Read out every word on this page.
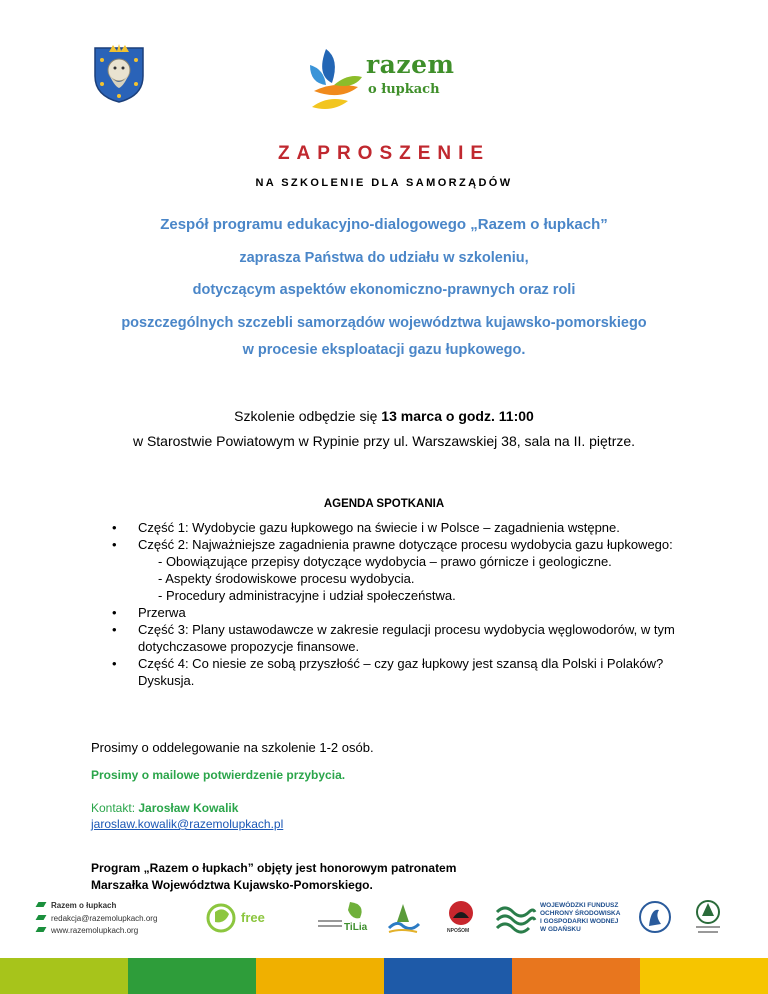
razem
o łupkach
ZAPROSZENIE
NA SZKOLENIE DLA SAMORZĄDÓW
Zespół programu edukacyjno-dialogowego „Razem o łupkach”
zaprasza Państwa do udziału w szkoleniu,
dotyczącym aspektów ekonomiczno-prawnych oraz roli
poszczególnych szczebli samorządów województwa kujawsko-pomorskiego
w procesie eksploatacji gazu łupkowego.
Szkolenie odbędzie się 13 marca o godz. 11:00
w Starostwie Powiatowym w Rypinie przy ul. Warszawskiej 38, sala na II. piętrze.
AGENDA SPOTKANIA
• Część 1: Wydobycie gazu łupkowego na świecie i w Polsce – zagadnienia wstępne.
• Część 2: Najważniejsze zagadnienia prawne dotyczące procesu wydobycia gazu łupkowego:
- Obowiązujące przepisy dotyczące wydobycia – prawo górnicze i geologiczne.
- Aspekty środowiskowe procesu wydobycia.
- Procedury administracyjne i udział społeczeństwa.
• Przerwa
• Część 3: Plany ustawodawcze w zakresie regulacji procesu wydobycia węglowodorów, w tym
dotychczasowe propozycje finansowe.
• Część 4: Co niesie ze sobą przyszłość – czy gaz łupkowy jest szansą dla Polski i Polaków?
Dyskusja.
Prosimy o oddelegowanie na szkolenie 1-2 osób.
Prosimy o mailowe potwierdzenie przybycia.
Kontakt: Jarosław Kowalik
jaroslaw.kowalik@razemolupkach.pl
Program „Razem o łupkach” objęty jest honorowym patronatem
Marszałka Województwa Kujawsko-Pomorskiego.
Razem o łupkach
redakcja@razemolupkach.org
www.razemolupkach.org
free
TiLia	NPOŚOM
WOJEWÓDZKI FUNDUSZ
OCHRONY ŚRODOWISKA
I GOSPODARKI WODNEJ
W GDAŃSKU
